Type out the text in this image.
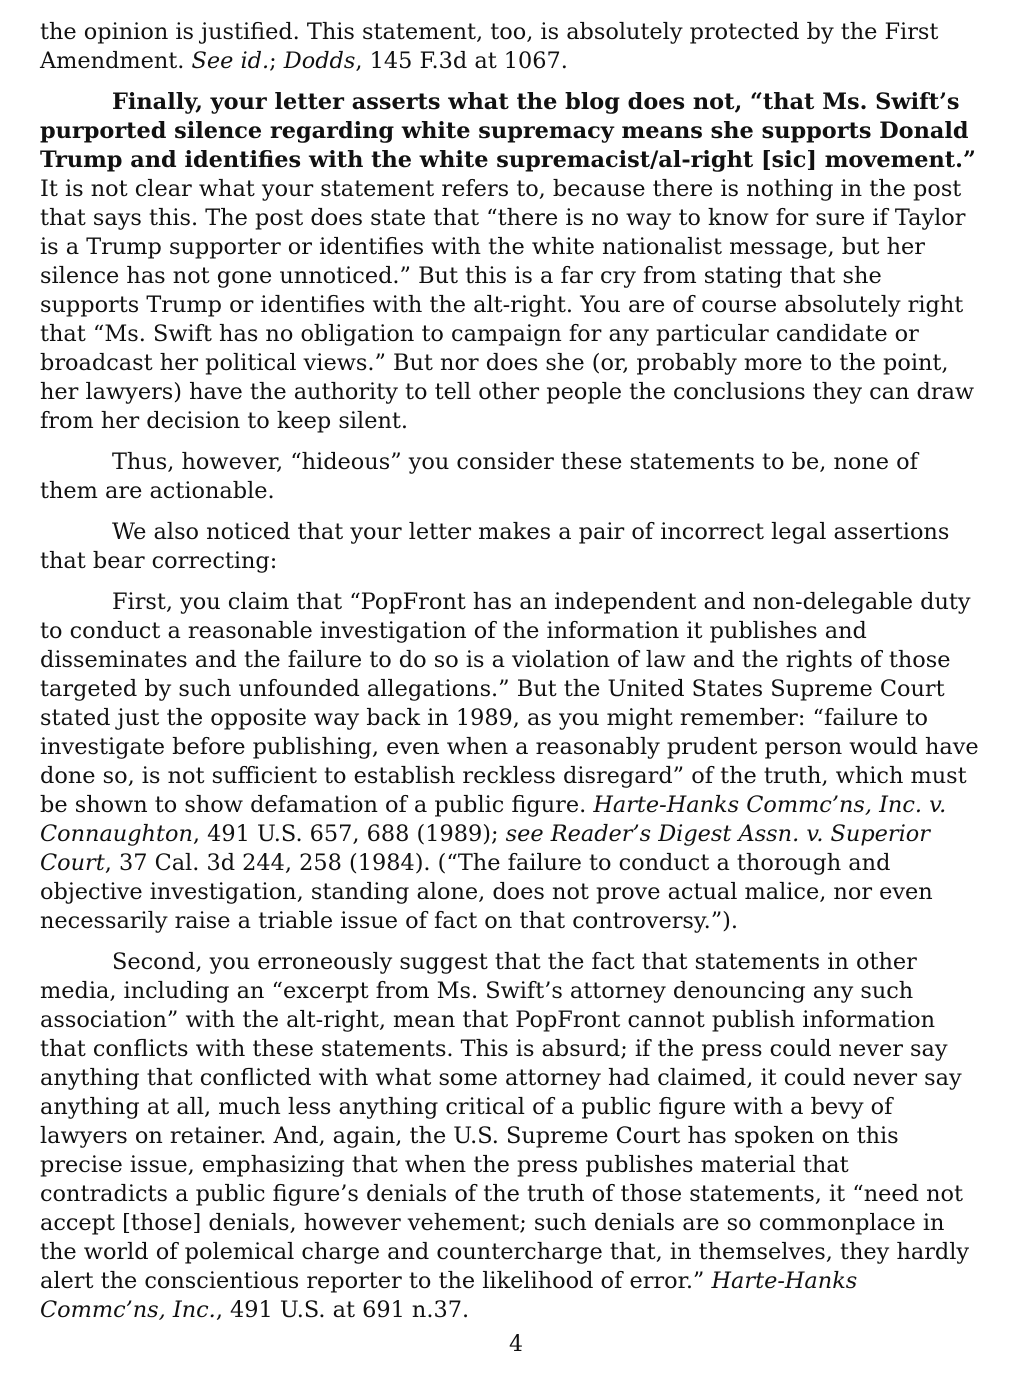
the opinion is justified. This statement, too, is absolutely protected by the First Amendment. See id.; Dodds, 145 F.3d at 1067.

Finally, your letter asserts what the blog does not, “that Ms. Swift’s purported silence regarding white supremacy means she supports Donald Trump and identifies with the white supremacist/al-right [sic] movement.” It is not clear what your statement refers to, because there is nothing in the post that says this. The post does state that “there is no way to know for sure if Taylor is a Trump supporter or identifies with the white nationalist message, but her silence has not gone unnoticed.” But this is a far cry from stating that she supports Trump or identifies with the alt-right. You are of course absolutely right that “Ms. Swift has no obligation to campaign for any particular candidate or broadcast her political views.” But nor does she (or, probably more to the point, her lawyers) have the authority to tell other people the conclusions they can draw from her decision to keep silent.

Thus, however, “hideous” you consider these statements to be, none of them are actionable.

We also noticed that your letter makes a pair of incorrect legal assertions that bear correcting:

First, you claim that “PopFront has an independent and non-delegable duty to conduct a reasonable investigation of the information it publishes and disseminates and the failure to do so is a violation of law and the rights of those targeted by such unfounded allegations.” But the United States Supreme Court stated just the opposite way back in 1989, as you might remember: “failure to investigate before publishing, even when a reasonably prudent person would have done so, is not sufficient to establish reckless disregard” of the truth, which must be shown to show defamation of a public figure. Harte-Hanks Commc’ns, Inc. v. Connaughton, 491 U.S. 657, 688 (1989); see Reader’s Digest Assn. v. Superior Court, 37 Cal. 3d 244, 258 (1984). (“The failure to conduct a thorough and objective investigation, standing alone, does not prove actual malice, nor even necessarily raise a triable issue of fact on that controversy.”).

Second, you erroneously suggest that the fact that statements in other media, including an “excerpt from Ms. Swift’s attorney denouncing any such association” with the alt-right, mean that PopFront cannot publish information that conflicts with these statements. This is absurd; if the press could never say anything that conflicted with what some attorney had claimed, it could never say anything at all, much less anything critical of a public figure with a bevy of lawyers on retainer. And, again, the U.S. Supreme Court has spoken on this precise issue, emphasizing that when the press publishes material that contradicts a public figure’s denials of the truth of those statements, it “need not accept [those] denials, however vehement; such denials are so commonplace in the world of polemical charge and countercharge that, in themselves, they hardly alert the conscientious reporter to the likelihood of error.” Harte-Hanks Commc’ns, Inc., 491 U.S. at 691 n.37.

4
